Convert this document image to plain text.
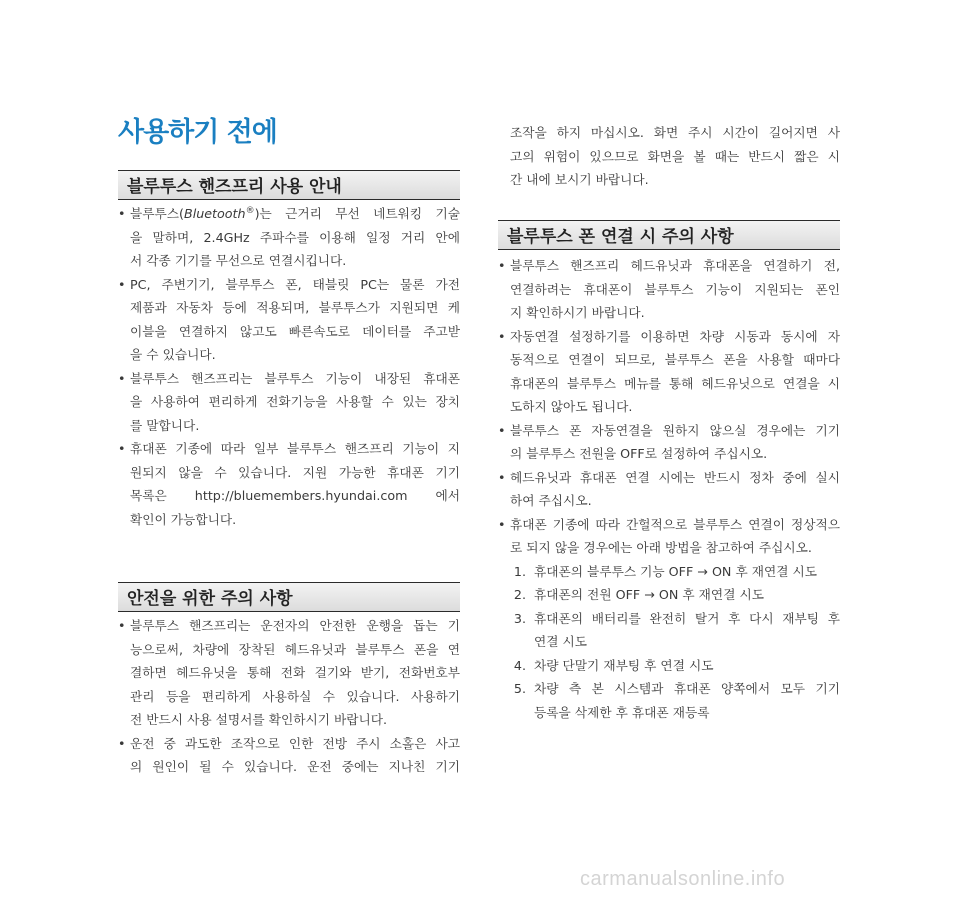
사용하기 전에
블루투스 핸즈프리 사용 안내
• 블루투스(Bluetooth®)는 근거리 무선 네트워킹 기술
을 말하며, 2.4GHz 주파수를 이용해 일정 거리 안에
서 각종 기기를 무선으로 연결시킵니다.
• PC, 주변기기, 블루투스 폰, 태블릿 PC는 물론 가전
제품과 자동차 등에 적용되며, 블루투스가 지원되면 케
이블을 연결하지 않고도 빠른속도로 데이터를 주고받
을 수 있습니다.
• 블루투스 핸즈프리는 블루투스 기능이 내장된 휴대폰
을 사용하여 편리하게 전화기능을 사용할 수 있는 장치
를 말합니다.
• 휴대폰 기종에 따라 일부 블루투스 핸즈프리 기능이 지
원되지 않을 수 있습니다. 지원 가능한 휴대폰 기기
목록은 http://bluemembers.hyundai.com 에서
확인이 가능합니다.
안전을 위한 주의 사항
• 블루투스 핸즈프리는 운전자의 안전한 운행을 돕는 기
능으로써, 차량에 장착된 헤드유닛과 블루투스 폰을 연
결하면 헤드유닛을 통해 전화 걸기와 받기, 전화번호부
관리 등을 편리하게 사용하실 수 있습니다. 사용하기
전 반드시 사용 설명서를 확인하시기 바랍니다.
• 운전 중 과도한 조작으로 인한 전방 주시 소홀은 사고
의 원인이 될 수 있습니다. 운전 중에는 지나친 기기
조작을 하지 마십시오. 화면 주시 시간이 길어지면 사
고의 위험이 있으므로 화면을 볼 때는 반드시 짧은 시
간 내에 보시기 바랍니다.
블루투스 폰 연결 시 주의 사항
• 블루투스 핸즈프리 헤드유닛과 휴대폰을 연결하기 전,
연결하려는 휴대폰이 블루투스 기능이 지원되는 폰인
지 확인하시기 바랍니다.
• 자동연결 설정하기를 이용하면 차량 시동과 동시에 자
동적으로 연결이 되므로, 블루투스 폰을 사용할 때마다
휴대폰의 블루투스 메뉴를 통해 헤드유닛으로 연결을 시
도하지 않아도 됩니다.
• 블루투스 폰 자동연결을 원하지 않으실 경우에는 기기
의 블루투스 전원을 OFF로 설정하여 주십시오.
• 헤드유닛과 휴대폰 연결 시에는 반드시 정차 중에 실시
하여 주십시오.
• 휴대폰 기종에 따라 간헐적으로 블루투스 연결이 정상적으
로 되지 않을 경우에는 아래 방법을 참고하여 주십시오.
1. 휴대폰의 블루투스 기능 OFF → ON 후 재연결 시도
2. 휴대폰의 전원 OFF → ON 후 재연결 시도
3. 휴대폰의 배터리를 완전히 탈거 후 다시 재부팅 후
연결 시도
4. 차량 단말기 재부팅 후 연결 시도
5. 차량 측 본 시스템과 휴대폰 양쪽에서 모두 기기
등록을 삭제한 후 휴대폰 재등록
carmanualsonline.info
